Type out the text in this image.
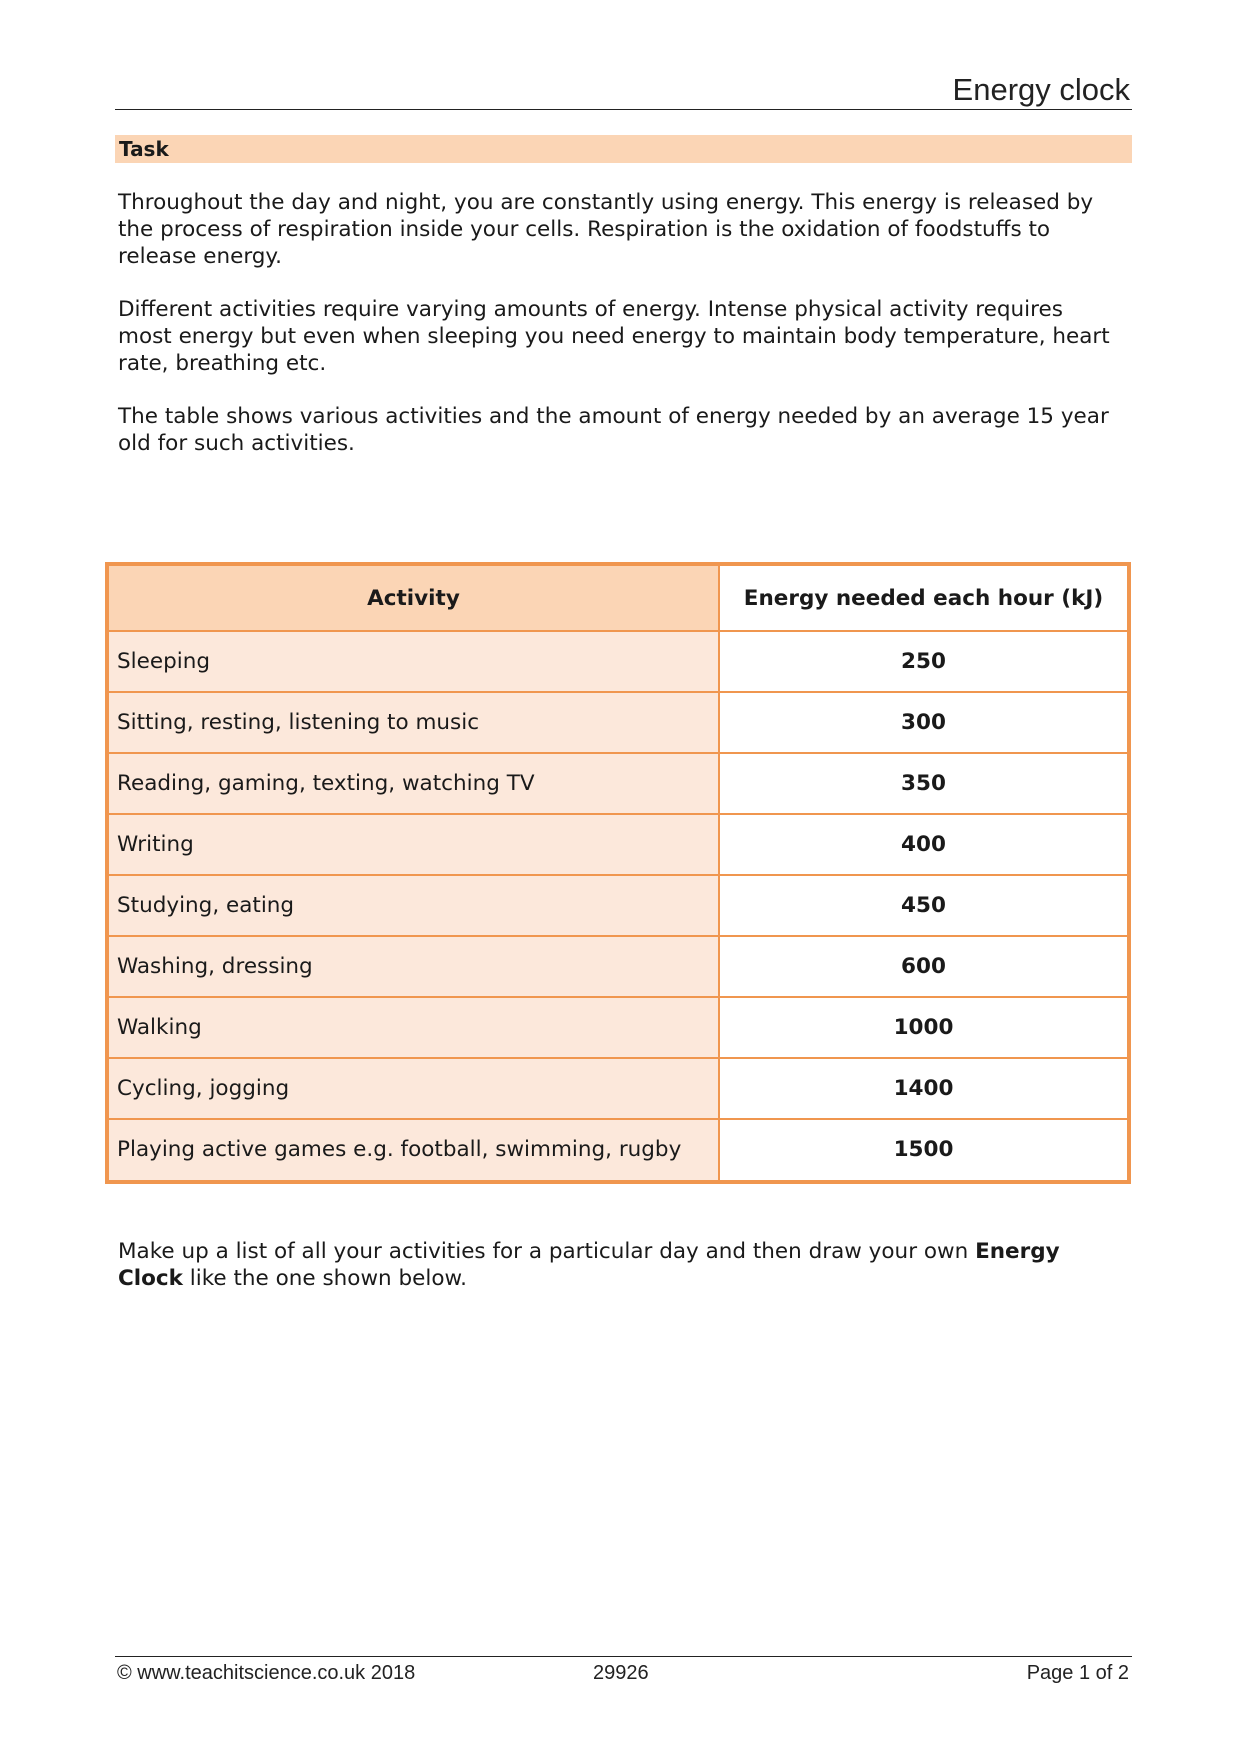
Energy clock
Task

Throughout the day and night, you are constantly using energy. This energy is released by the process of respiration inside your cells. Respiration is the oxidation of foodstuffs to release energy.

Different activities require varying amounts of energy. Intense physical activity requires most energy but even when sleeping you need energy to maintain body temperature, heart rate, breathing etc.

The table shows various activities and the amount of energy needed by an average 15 year old for such activities.

Activity	Energy needed each hour (kJ)
Sleeping	250
Sitting, resting, listening to music	300
Reading, gaming, texting, watching TV	350
Writing	400
Studying, eating	450
Washing, dressing	600
Walking	1000
Cycling, jogging	1400
Playing active games e.g. football, swimming, rugby	1500

Make up a list of all your activities for a particular day and then draw your own Energy Clock like the one shown below.

© www.teachitscience.co.uk 2018	29926	Page 1 of 2
